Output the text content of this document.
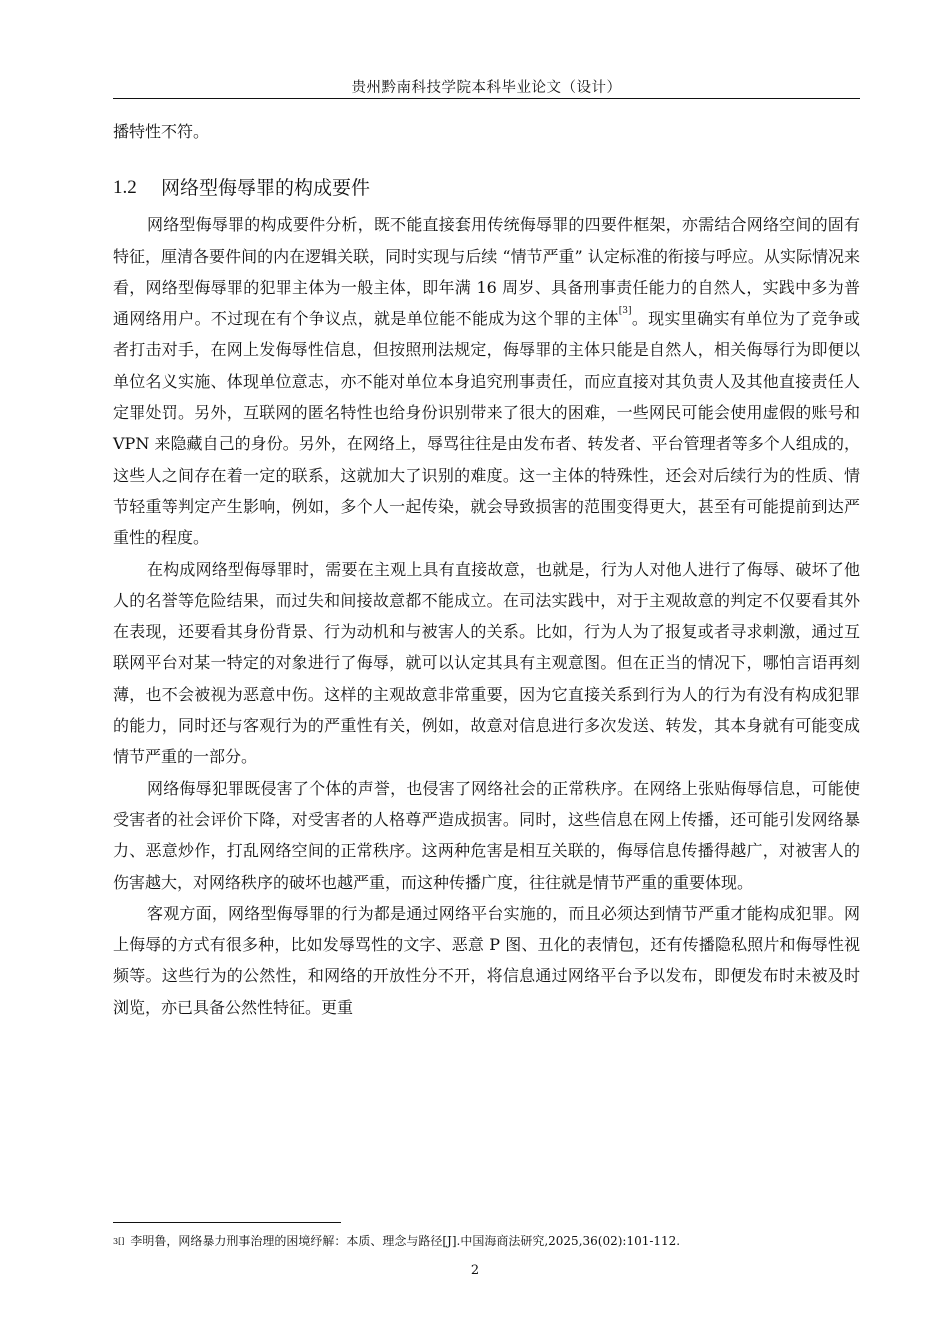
贵州黔南科技学院本科毕业论文（设计）

播特性不符。

1.2	网络型侮辱罪的构成要件

网络型侮辱罪的构成要件分析，既不能直接套用传统侮辱罪的四要件框架，亦需结合网络空间的固有特征，厘清各要件间的内在逻辑关联，同时实现与后续 “情节严重” 认定标准的衔接与呼应。从实际情况来看，网络型侮辱罪的犯罪主体为一般主体，即年满 16 周岁、具备刑事责任能力的自然人，实践中多为普通网络用户。不过现在有个争议点，就是单位能不能成为这个罪的主体[3]。现实里确实有单位为了竞争或者打击对手，在网上发侮辱性信息，但按照刑法规定，侮辱罪的主体只能是自然人，相关侮辱行为即便以单位名义实施、体现单位意志，亦不能对单位本身追究刑事责任，而应直接对其负责人及其他直接责任人定罪处罚。另外，互联网的匿名特性也给身份识别带来了很大的困难，一些网民可能会使用虚假的账号和 VPN 来隐藏自己的身份。另外，在网络上，辱骂往往是由发布者、转发者、平台管理者等多个人组成的，这些人之间存在着一定的联系，这就加大了识别的难度。这一主体的特殊性，还会对后续行为的性质、情节轻重等判定产生影响，例如，多个人一起传染，就会导致损害的范围变得更大，甚至有可能提前到达严重性的程度。

在构成网络型侮辱罪时，需要在主观上具有直接故意，也就是，行为人对他人进行了侮辱、破坏了他人的名誉等危险结果，而过失和间接故意都不能成立。在司法实践中，对于主观故意的判定不仅要看其外在表现，还要看其身份背景、行为动机和与被害人的关系。比如，行为人为了报复或者寻求刺激，通过互联网平台对某一特定的对象进行了侮辱，就可以认定其具有主观意图。但在正当的情况下，哪怕言语再刻薄，也不会被视为恶意中伤。这样的主观故意非常重要，因为它直接关系到行为人的行为有没有构成犯罪的能力，同时还与客观行为的严重性有关，例如，故意对信息进行多次发送、转发，其本身就有可能变成情节严重的一部分。

网络侮辱犯罪既侵害了个体的声誉，也侵害了网络社会的正常秩序。在网络上张贴侮辱信息，可能使受害者的社会评价下降，对受害者的人格尊严造成损害。同时，这些信息在网上传播，还可能引发网络暴力、恶意炒作，打乱网络空间的正常秩序。这两种危害是相互关联的，侮辱信息传播得越广，对被害人的伤害越大，对网络秩序的破坏也越严重，而这种传播广度，往往就是情节严重的重要体现。

客观方面，网络型侮辱罪的行为都是通过网络平台实施的，而且必须达到情节严重才能构成犯罪。网上侮辱的方式有很多种，比如发辱骂性的文字、恶意 P 图、丑化的表情包，还有传播隐私照片和侮辱性视频等。这些行为的公然性，和网络的开放性分不开，将信息通过网络平台予以发布，即便发布时未被及时浏览，亦已具备公然性特征。更重

$^{3[]}$ 李明鲁，网络暴力刑事治理的困境纾解：本质、理念与路径[J].中国海商法研究,2025,36(02):101-112.
2
